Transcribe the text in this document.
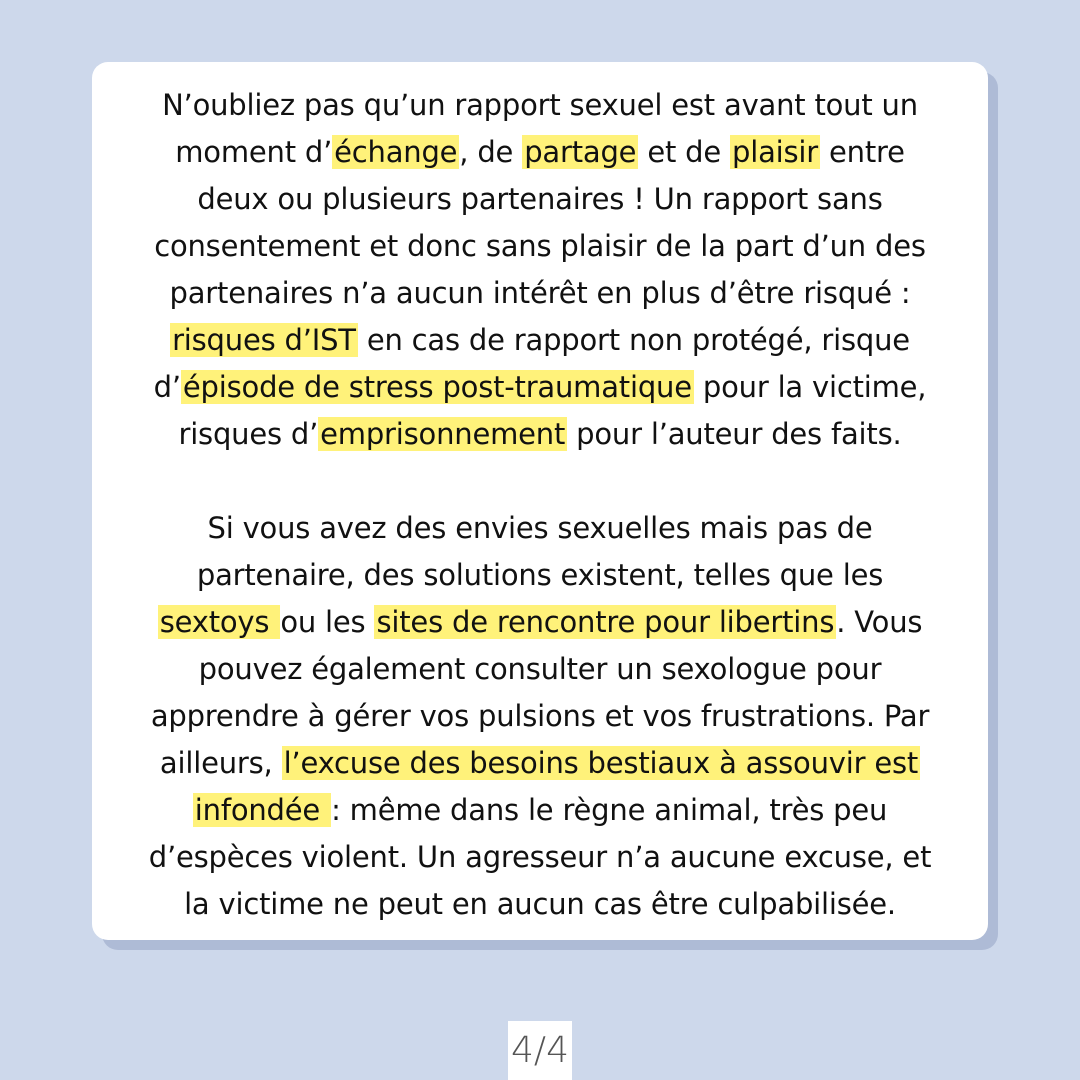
N’oubliez pas qu’un rapport sexuel est avant tout un
moment d’échange, de partage et de plaisir entre
deux ou plusieurs partenaires ! Un rapport sans
consentement et donc sans plaisir de la part d’un des
partenaires n’a aucun intérêt en plus d’être risqué :
risques d’IST en cas de rapport non protégé, risque
d’épisode de stress post-traumatique pour la victime,
risques d’emprisonnement pour l’auteur des faits.

Si vous avez des envies sexuelles mais pas de
partenaire, des solutions existent, telles que les
sextoys ou les sites de rencontre pour libertins. Vous
pouvez également consulter un sexologue pour
apprendre à gérer vos pulsions et vos frustrations. Par
ailleurs, l’excuse des besoins bestiaux à assouvir est
infondée : même dans le règne animal, très peu
d’espèces violent. Un agresseur n’a aucune excuse, et
la victime ne peut en aucun cas être culpabilisée.

4/4
